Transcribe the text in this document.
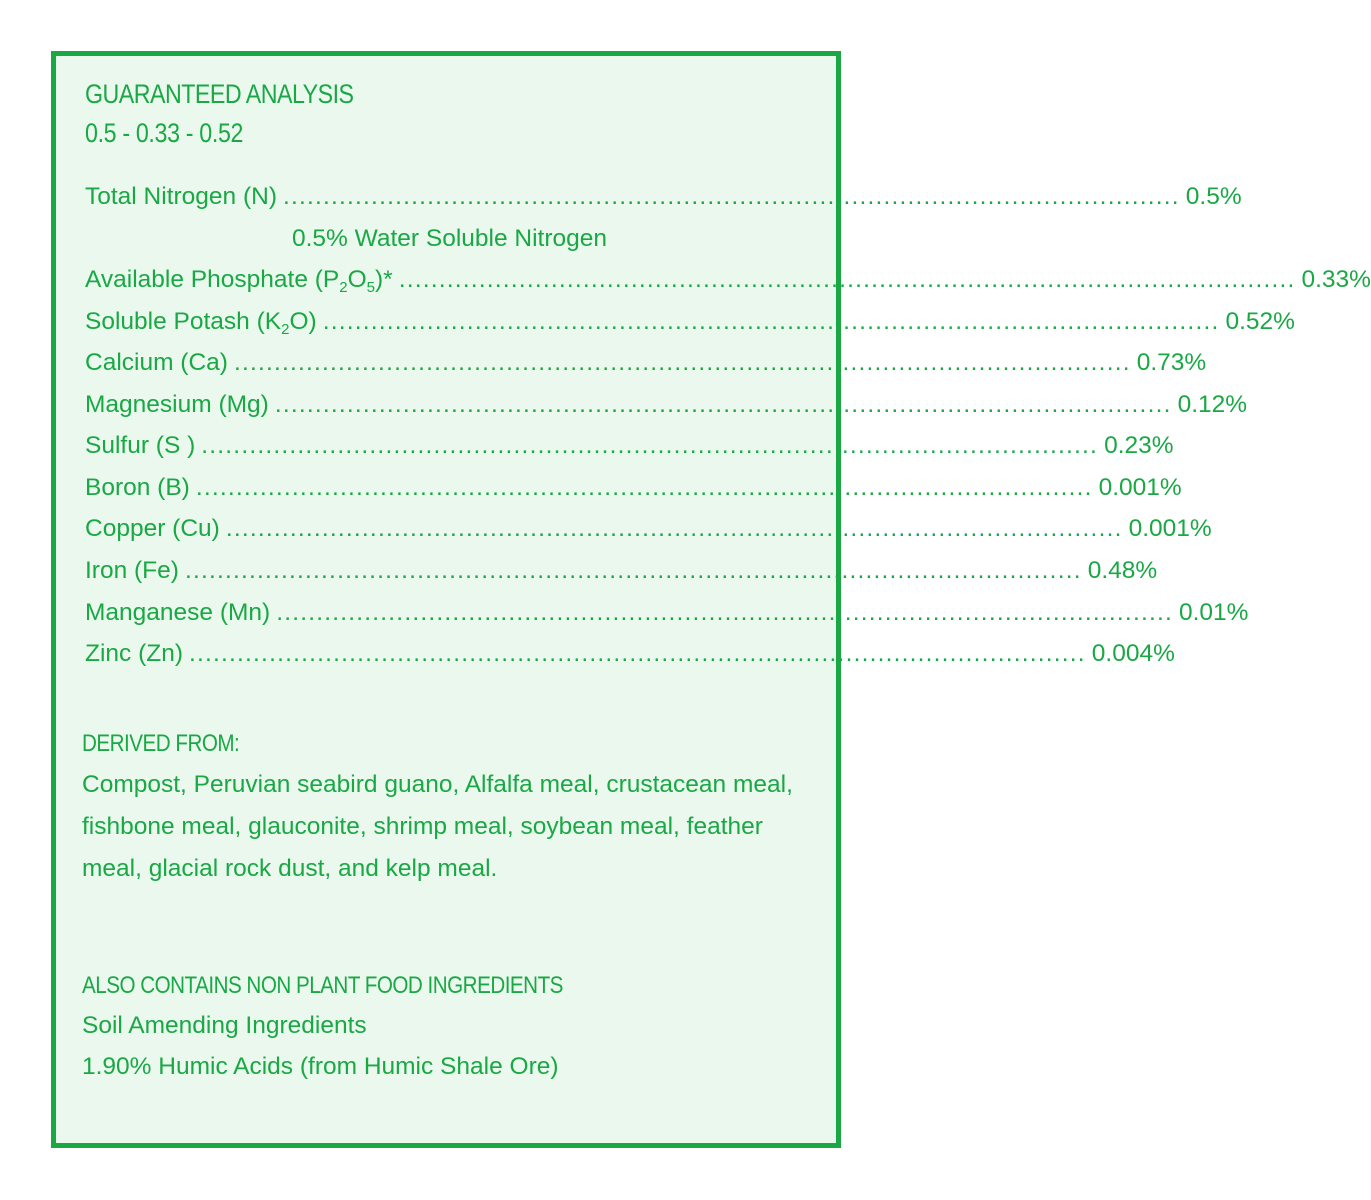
GUARANTEED ANALYSIS
0.5 - 0.33 - 0.52
Total Nitrogen (N) ................................................................................................................ 0.5%
0.5% Water Soluble Nitrogen
Available Phosphate $(P_2O_5)*$ ................................................................................................................ 0.33%
Soluble Potash $(K_2O)$ ................................................................................................................ 0.52%
Calcium (Ca) ................................................................................................................ 0.73%
Magnesium (Mg) ................................................................................................................ 0.12%
Sulfur (S ) ................................................................................................................ 0.23%
Boron (B) ................................................................................................................ 0.001%
Copper (Cu) ................................................................................................................ 0.001%
Iron (Fe) ................................................................................................................ 0.48%
Manganese (Mn) ................................................................................................................ 0.01%
Zinc (Zn) ................................................................................................................ 0.004%
DERIVED FROM:
Compost, Peruvian seabird guano, Alfalfa meal, crustacean meal, fishbone meal, glauconite, shrimp meal, soybean meal, feather meal, glacial rock dust, and kelp meal.
ALSO CONTAINS NON PLANT FOOD INGREDIENTS
Soil Amending Ingredients
1.90% Humic Acids (from Humic Shale Ore)
